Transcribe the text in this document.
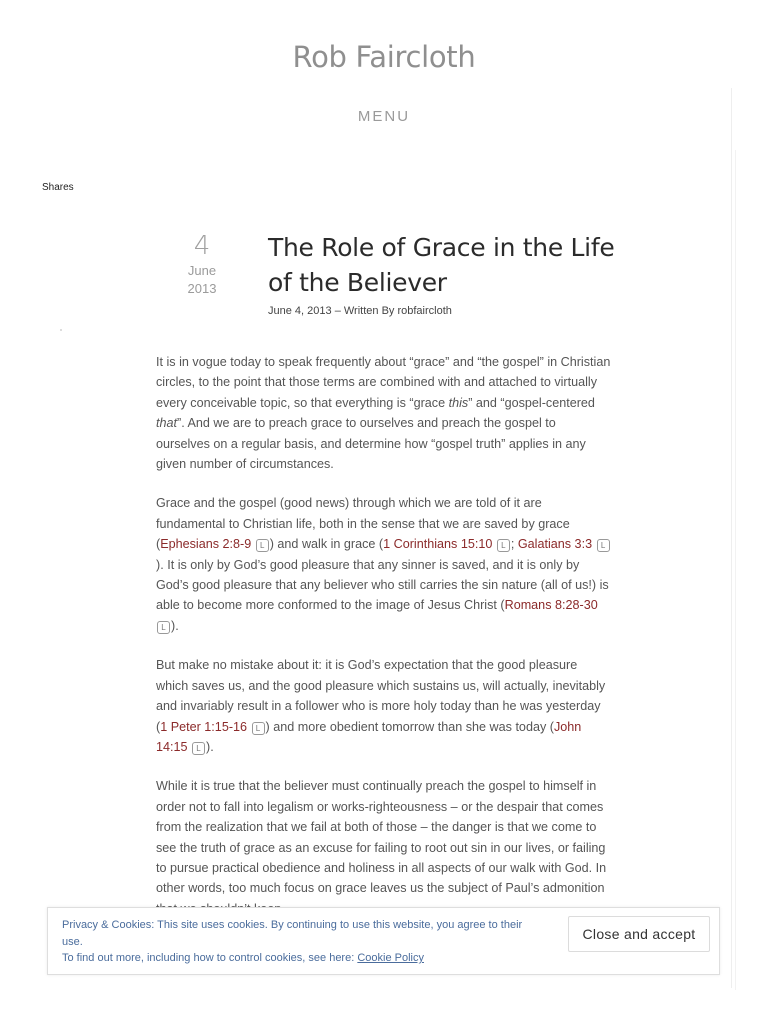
Rob Faircloth
MENU
Shares
4
June
2013
The Role of Grace in the Life of the Believer
June 4, 2013 – Written By robfaircloth

It is in vogue today to speak frequently about “grace” and “the gospel” in Christian circles, to the point that those terms are combined with and attached to virtually every conceivable topic, so that everything is “grace this” and “gospel-centered that”. And we are to preach grace to ourselves and preach the gospel to ourselves on a regular basis, and determine how “gospel truth” applies in any given number of circumstances.

Grace and the gospel (good news) through which we are told of it are fundamental to Christian life, both in the sense that we are saved by grace (Ephesians 2:8-9 L ) and walk in grace (1 Corinthians 15:10 L ; Galatians 3:3 L). It is only by God’s good pleasure that any sinner is saved, and it is only by God’s good pleasure that any believer who still carries the sin nature (all of us!) is able to become more conformed to the image of Jesus Christ (Romans 8:28-30 L ).

But make no mistake about it: it is God’s expectation that the good pleasure which saves us, and the good pleasure which sustains us, will actually, inevitably and invariably result in a follower who is more holy today than he was yesterday (1 Peter 1:15-16 L ) and more obedient tomorrow than she was today (John 14:15 L ).

While it is true that the believer must continually preach the gospel to himself in order not to fall into legalism or works-righteousness – or the despair that comes from the realization that we fail at both of those – the danger is that we come to see the truth of grace as an excuse for failing to root out sin in our lives, or failing to pursue practical obedience and holiness in all aspects of our walk with God. In other words, too much focus on grace leaves us the subject of Paul’s admonition

Privacy & Cookies: This site uses cookies. By continuing to use this website, you agree to their use.
To find out more, including how to control cookies, see here: Cookie Policy
Close and accept
